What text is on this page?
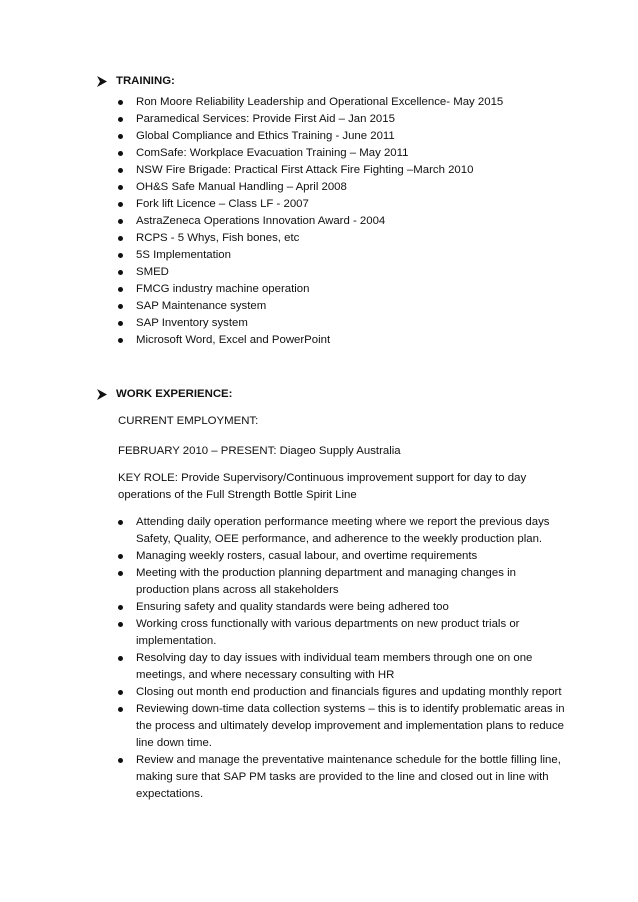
TRAINING:
Ron Moore Reliability Leadership and Operational Excellence- May 2015
Paramedical Services: Provide First Aid – Jan 2015
Global Compliance and Ethics Training - June 2011
ComSafe: Workplace Evacuation Training – May 2011
NSW Fire Brigade: Practical First Attack Fire Fighting –March 2010
OH&S Safe Manual Handling – April 2008
Fork lift Licence – Class LF - 2007
AstraZeneca Operations Innovation Award - 2004
RCPS - 5 Whys, Fish bones, etc
5S Implementation
SMED
FMCG industry machine operation
SAP Maintenance system
SAP Inventory system
Microsoft Word, Excel and PowerPoint
WORK EXPERIENCE:
CURRENT EMPLOYMENT:
FEBRUARY 2010 – PRESENT: Diageo Supply Australia
KEY ROLE: Provide Supervisory/Continuous improvement support for day to day operations of the Full Strength Bottle Spirit Line
Attending daily operation performance meeting where we report the previous days Safety, Quality, OEE performance, and adherence to the weekly production plan.
Managing weekly rosters, casual labour, and overtime requirements
Meeting with the production planning department and managing changes in production plans across all stakeholders
Ensuring safety and quality standards were being adhered too
Working cross functionally with various departments on new product trials or implementation.
Resolving day to day issues with individual team members through one on one meetings, and where necessary consulting with HR
Closing out month end production and financials figures and updating monthly report
Reviewing down-time data collection systems – this is to identify problematic areas in the process and ultimately develop improvement and implementation plans to reduce line down time.
Review and manage the preventative maintenance schedule for the bottle filling line, making sure that SAP PM tasks are provided to the line and closed out in line with expectations.
